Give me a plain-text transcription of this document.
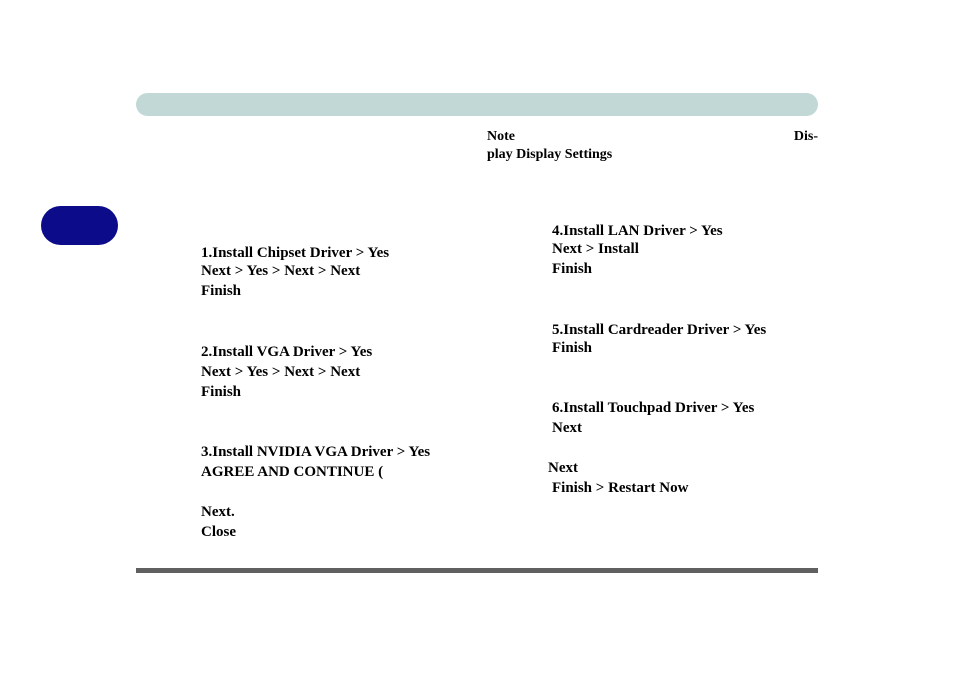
Note	Dis-
play Display Settings
1.Install Chipset Driver > Yes
Next > Yes > Next > Next
Finish
2.Install VGA Driver > Yes
Next > Yes > Next > Next
Finish
3.Install NVIDIA VGA Driver > Yes
AGREE AND CONTINUE (
Next.
Close
4.Install LAN Driver > Yes
Next > Install
Finish
5.Install Cardreader Driver > Yes
Finish
6.Install Touchpad Driver > Yes
Next
Next
Finish > Restart Now
